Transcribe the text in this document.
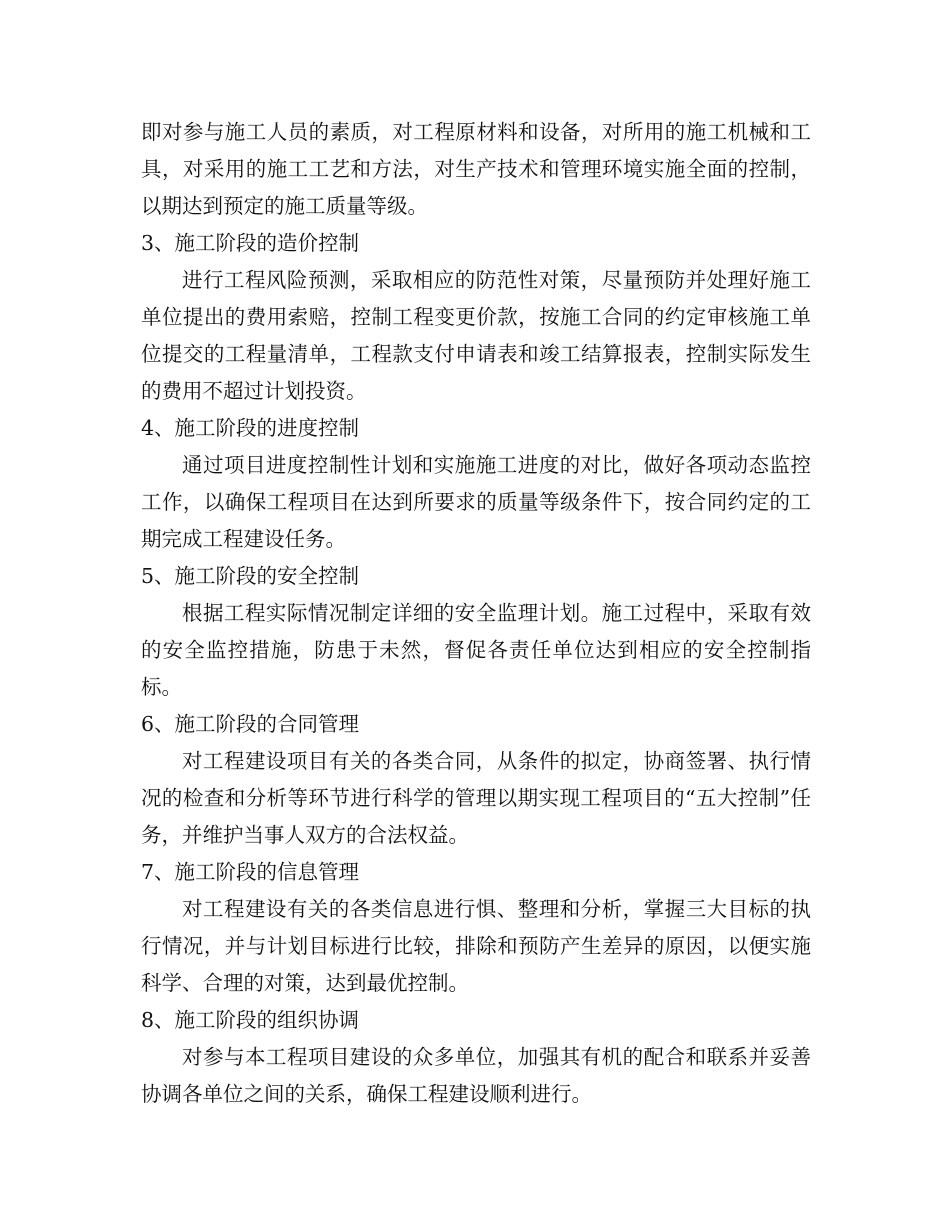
即对参与施工人员的素质，对工程原材料和设备，对所用的施工机械和工具，对采用的施工工艺和方法，对生产技术和管理环境实施全面的控制，以期达到预定的施工质量等级。

3、施工阶段的造价控制

进行工程风险预测，采取相应的防范性对策，尽量预防并处理好施工单位提出的费用索赔，控制工程变更价款，按施工合同的约定审核施工单位提交的工程量清单，工程款支付申请表和竣工结算报表，控制实际发生的费用不超过计划投资。

4、施工阶段的进度控制

通过项目进度控制性计划和实施施工进度的对比，做好各项动态监控工作，以确保工程项目在达到所要求的质量等级条件下，按合同约定的工期完成工程建设任务。

5、施工阶段的安全控制

根据工程实际情况制定详细的安全监理计划。施工过程中，采取有效的安全监控措施，防患于未然，督促各责任单位达到相应的安全控制指标。

6、施工阶段的合同管理

对工程建设项目有关的各类合同，从条件的拟定，协商签署、执行情况的检查和分析等环节进行科学的管理以期实现工程项目的“五大控制”任务，并维护当事人双方的合法权益。

7、施工阶段的信息管理

对工程建设有关的各类信息进行惧、整理和分析，掌握三大目标的执行情况，并与计划目标进行比较，排除和预防产生差异的原因，以便实施科学、合理的对策，达到最优控制。

8、施工阶段的组织协调

对参与本工程项目建设的众多单位，加强其有机的配合和联系并妥善协调各单位之间的关系，确保工程建设顺利进行。
